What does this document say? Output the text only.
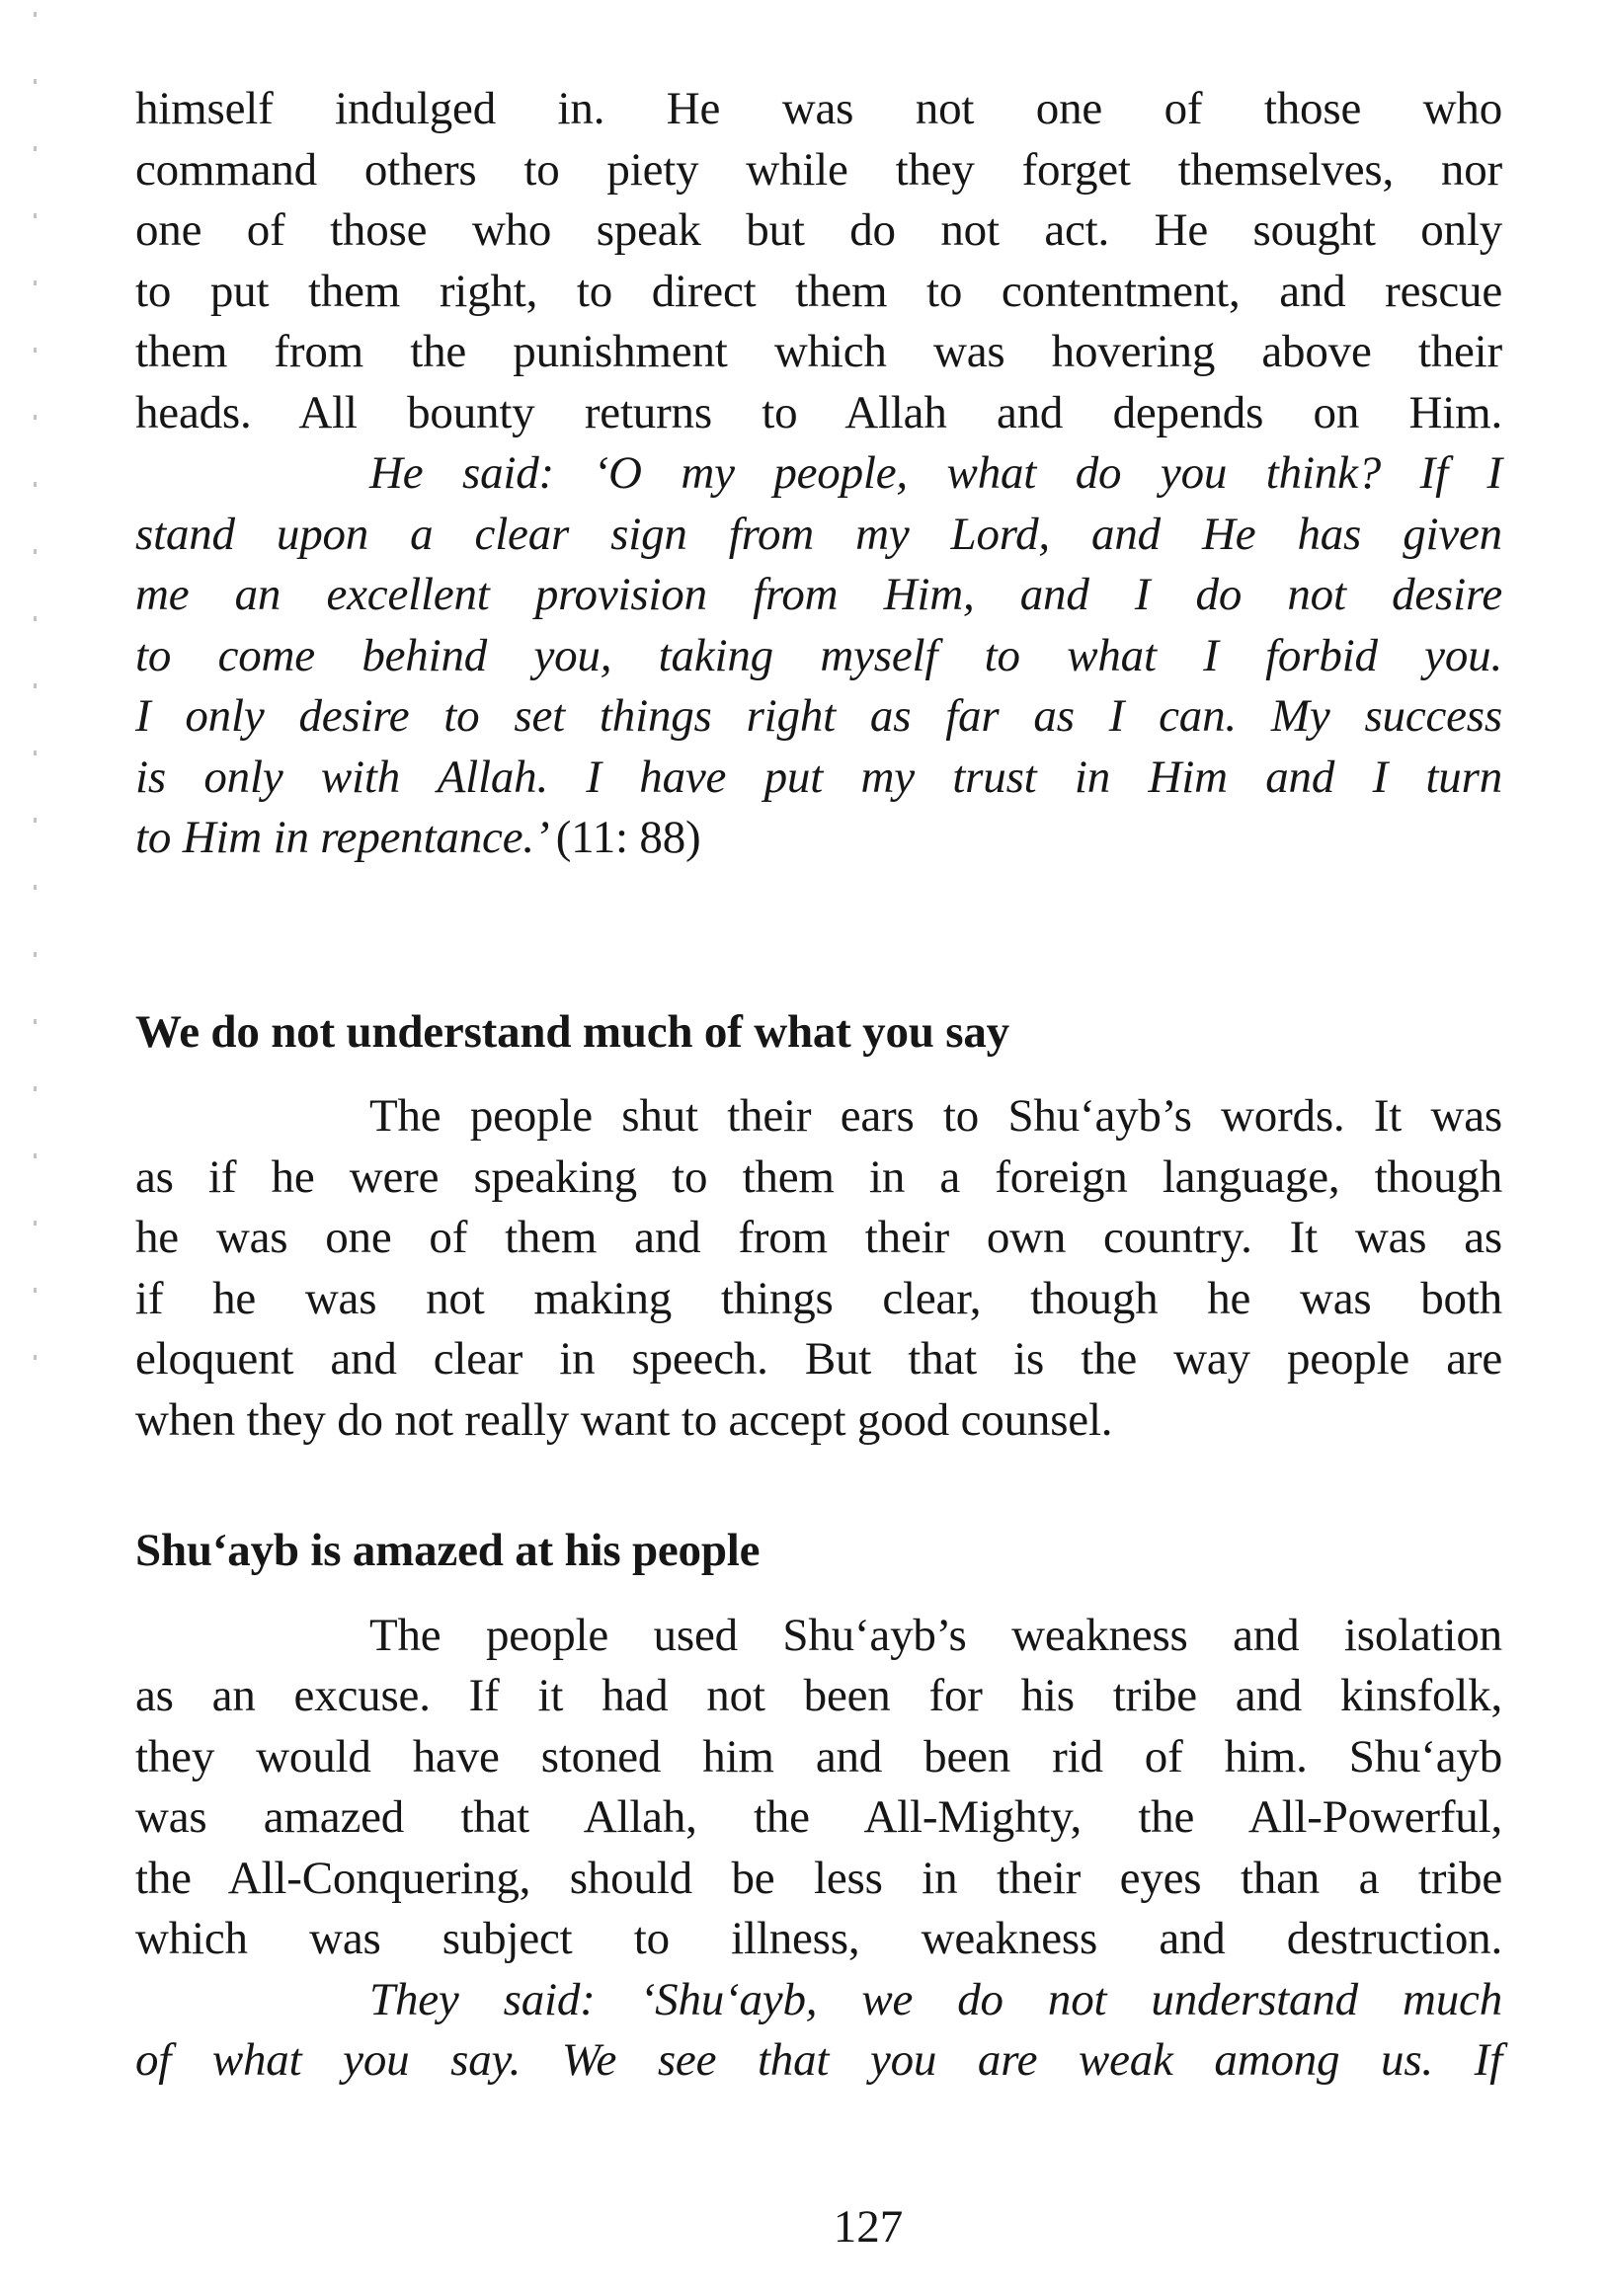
himself indulged in. He was not one of those who
command others to piety while they forget themselves, nor
one of those who speak but do not act. He sought only
to put them right, to direct them to contentment, and rescue
them from the punishment which was hovering above their
heads. All bounty returns to Allah and depends on Him.
He said: ‘O my people, what do you think? If I
stand upon a clear sign from my Lord, and He has given
me an excellent provision from Him, and I do not desire
to come behind you, taking myself to what I forbid you.
I only desire to set things right as far as I can. My success
is only with Allah. I have put my trust in Him and I turn
to Him in repentance.’ (11: 88)
We do not understand much of what you say
The people shut their ears to Shu‘ayb’s words. It was
as if he were speaking to them in a foreign language, though
he was one of them and from their own country. It was as
if he was not making things clear, though he was both
eloquent and clear in speech. But that is the way people are
when they do not really want to accept good counsel.
Shu‘ayb is amazed at his people
The people used Shu‘ayb’s weakness and isolation
as an excuse. If it had not been for his tribe and kinsfolk,
they would have stoned him and been rid of him. Shu‘ayb
was amazed that Allah, the All-Mighty, the All-Powerful,
the All-Conquering, should be less in their eyes than a tribe
which was subject to illness, weakness and destruction.
They said: ‘Shu‘ayb, we do not understand much
of what you say. We see that you are weak among us. If
127
